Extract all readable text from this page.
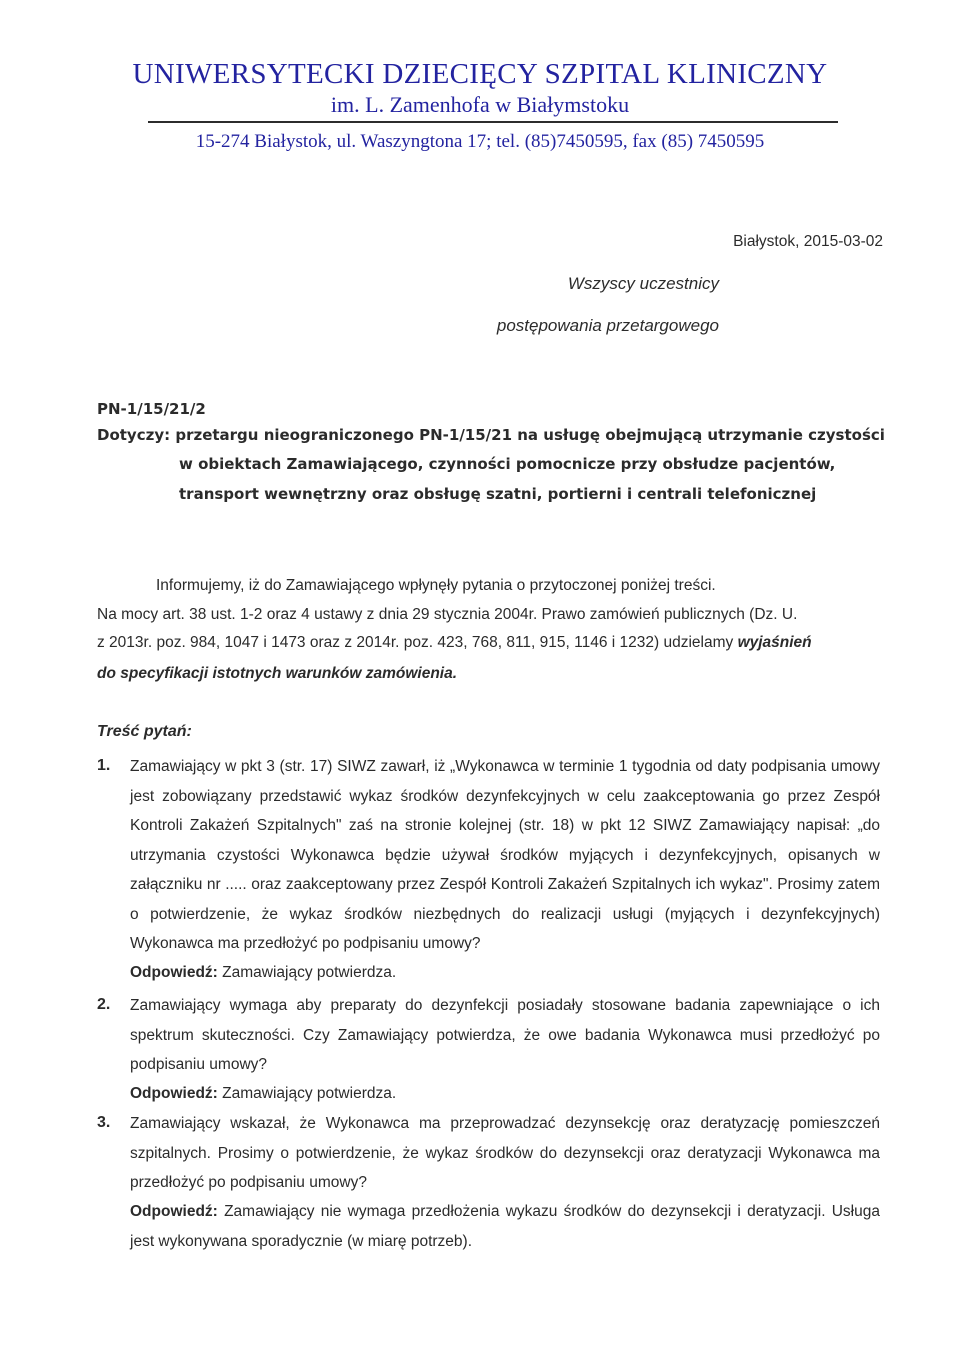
UNIWERSYTECKI DZIECIĘCY SZPITAL KLINICZNY
im. L. Zamenhofa w Białymstoku
15-274 Białystok, ul. Waszyngtona 17; tel. (85)7450595, fax (85) 7450595
Białystok, 2015-03-02
Wszyscy uczestnicy
postępowania przetargowego
PN-1/15/21/2
Dotyczy: przetargu nieograniczonego PN-1/15/21 na usługę obejmującą utrzymanie czystości
w obiektach Zamawiającego, czynności pomocnicze przy obsłudze pacjentów,
transport wewnętrzny oraz obsługę szatni, portierni i centrali telefonicznej
Informujemy, iż do Zamawiającego wpłynęły pytania o przytoczonej poniżej treści.
Na mocy art. 38 ust. 1-2 oraz 4 ustawy z dnia 29 stycznia 2004r. Prawo zamówień publicznych (Dz. U.
z 2013r. poz. 984, 1047 i 1473 oraz z 2014r. poz. 423, 768, 811, 915, 1146 i 1232) udzielamy wyjaśnień
do specyfikacji istotnych warunków zamówienia.
Treść pytań:
1. Zamawiający w pkt 3 (str. 17) SIWZ zawarł, iż „Wykonawca w terminie 1 tygodnia od daty podpisania umowy jest zobowiązany przedstawić wykaz środków dezynfekcyjnych w celu zaakceptowania go przez Zespół Kontroli Zakażeń Szpitalnych" zaś na stronie kolejnej (str. 18) w pkt 12 SIWZ Zamawiający napisał: „do utrzymania czystości Wykonawca będzie używał środków myjących i dezynfekcyjnych, opisanych w załączniku nr ..... oraz zaakceptowany przez Zespół Kontroli Zakażeń Szpitalnych ich wykaz". Prosimy zatem o potwierdzenie, że wykaz środków niezbędnych do realizacji usługi (myjących i dezynfekcyjnych) Wykonawca ma przedłożyć po podpisaniu umowy?
Odpowiedź: Zamawiający potwierdza.
2. Zamawiający wymaga aby preparaty do dezynfekcji posiadały stosowane badania zapewniające o ich spektrum skuteczności. Czy Zamawiający potwierdza, że owe badania Wykonawca musi przedłożyć po podpisaniu umowy?
Odpowiedź: Zamawiający potwierdza.
3. Zamawiający wskazał, że Wykonawca ma przeprowadzać dezynsekcję oraz deratyzację pomieszczeń szpitalnych. Prosimy o potwierdzenie, że wykaz środków do dezynsekcji oraz deratyzacji Wykonawca ma przedłożyć po podpisaniu umowy?
Odpowiedź: Zamawiający nie wymaga przedłożenia wykazu środków do dezynsekcji i deratyzacji. Usługa jest wykonywana sporadycznie (w miarę potrzeb).
